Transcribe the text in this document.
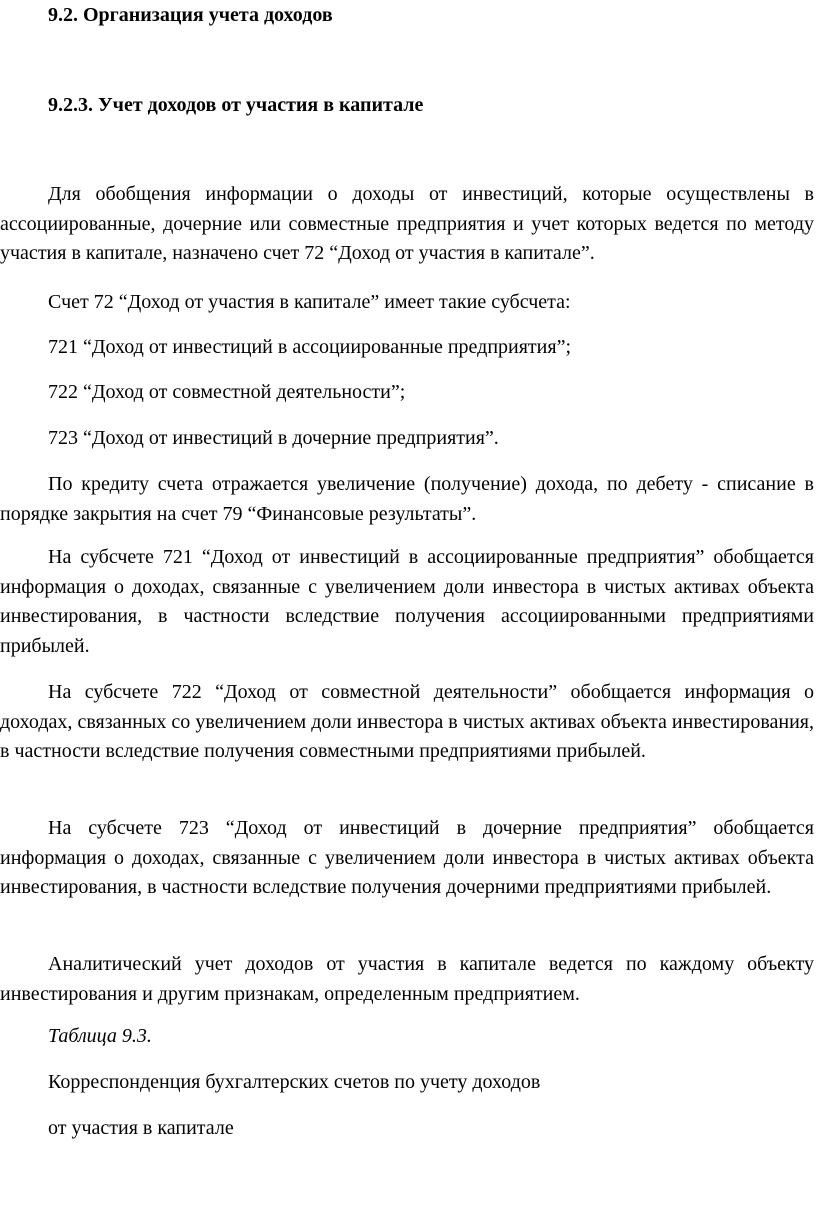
9.2. Организация учета доходов
9.2.3. Учет доходов от участия в капитале

Для обобщения информации о доходы от инвестиций, которые осуществлены в ассоциированные, дочерние или совместные предприятия и учет которых ведется по методу участия в капитале, назначено счет 72 “Доход от участия в капитале”.

Счет 72 “Доход от участия в капитале” имеет такие субсчета:

721 “Доход от инвестиций в ассоциированные предприятия”;

722 “Доход от совместной деятельности”;

723 “Доход от инвестиций в дочерние предприятия”.

По кредиту счета отражается увеличение (получение) дохода, по дебету - списание в порядке закрытия на счет 79 “Финансовые результаты”.

На субсчете 721 “Доход от инвестиций в ассоциированные предприятия” обобщается информация о доходах, связанные с увеличением доли инвестора в чистых активах объекта инвестирования, в частности вследствие получения ассоциированными предприятиями прибылей.

На субсчете 722 “Доход от совместной деятельности” обобщается информация о доходах, связанных со увеличением доли инвестора в чистых активах объекта инвестирования, в частности вследствие получения совместными предприятиями прибылей.

На субсчете 723 “Доход от инвестиций в дочерние предприятия” обобщается информация о доходах, связанные с увеличением доли инвестора в чистых активах объекта инвестирования, в частности вследствие получения дочерними предприятиями прибылей.

Аналитический учет доходов от участия в капитале ведется по каждому объекту инвестирования и другим признакам, определенным предприятием.

Таблица 9.3.

Корреспонденция бухгалтерских счетов по учету доходов

от участия в капитале
